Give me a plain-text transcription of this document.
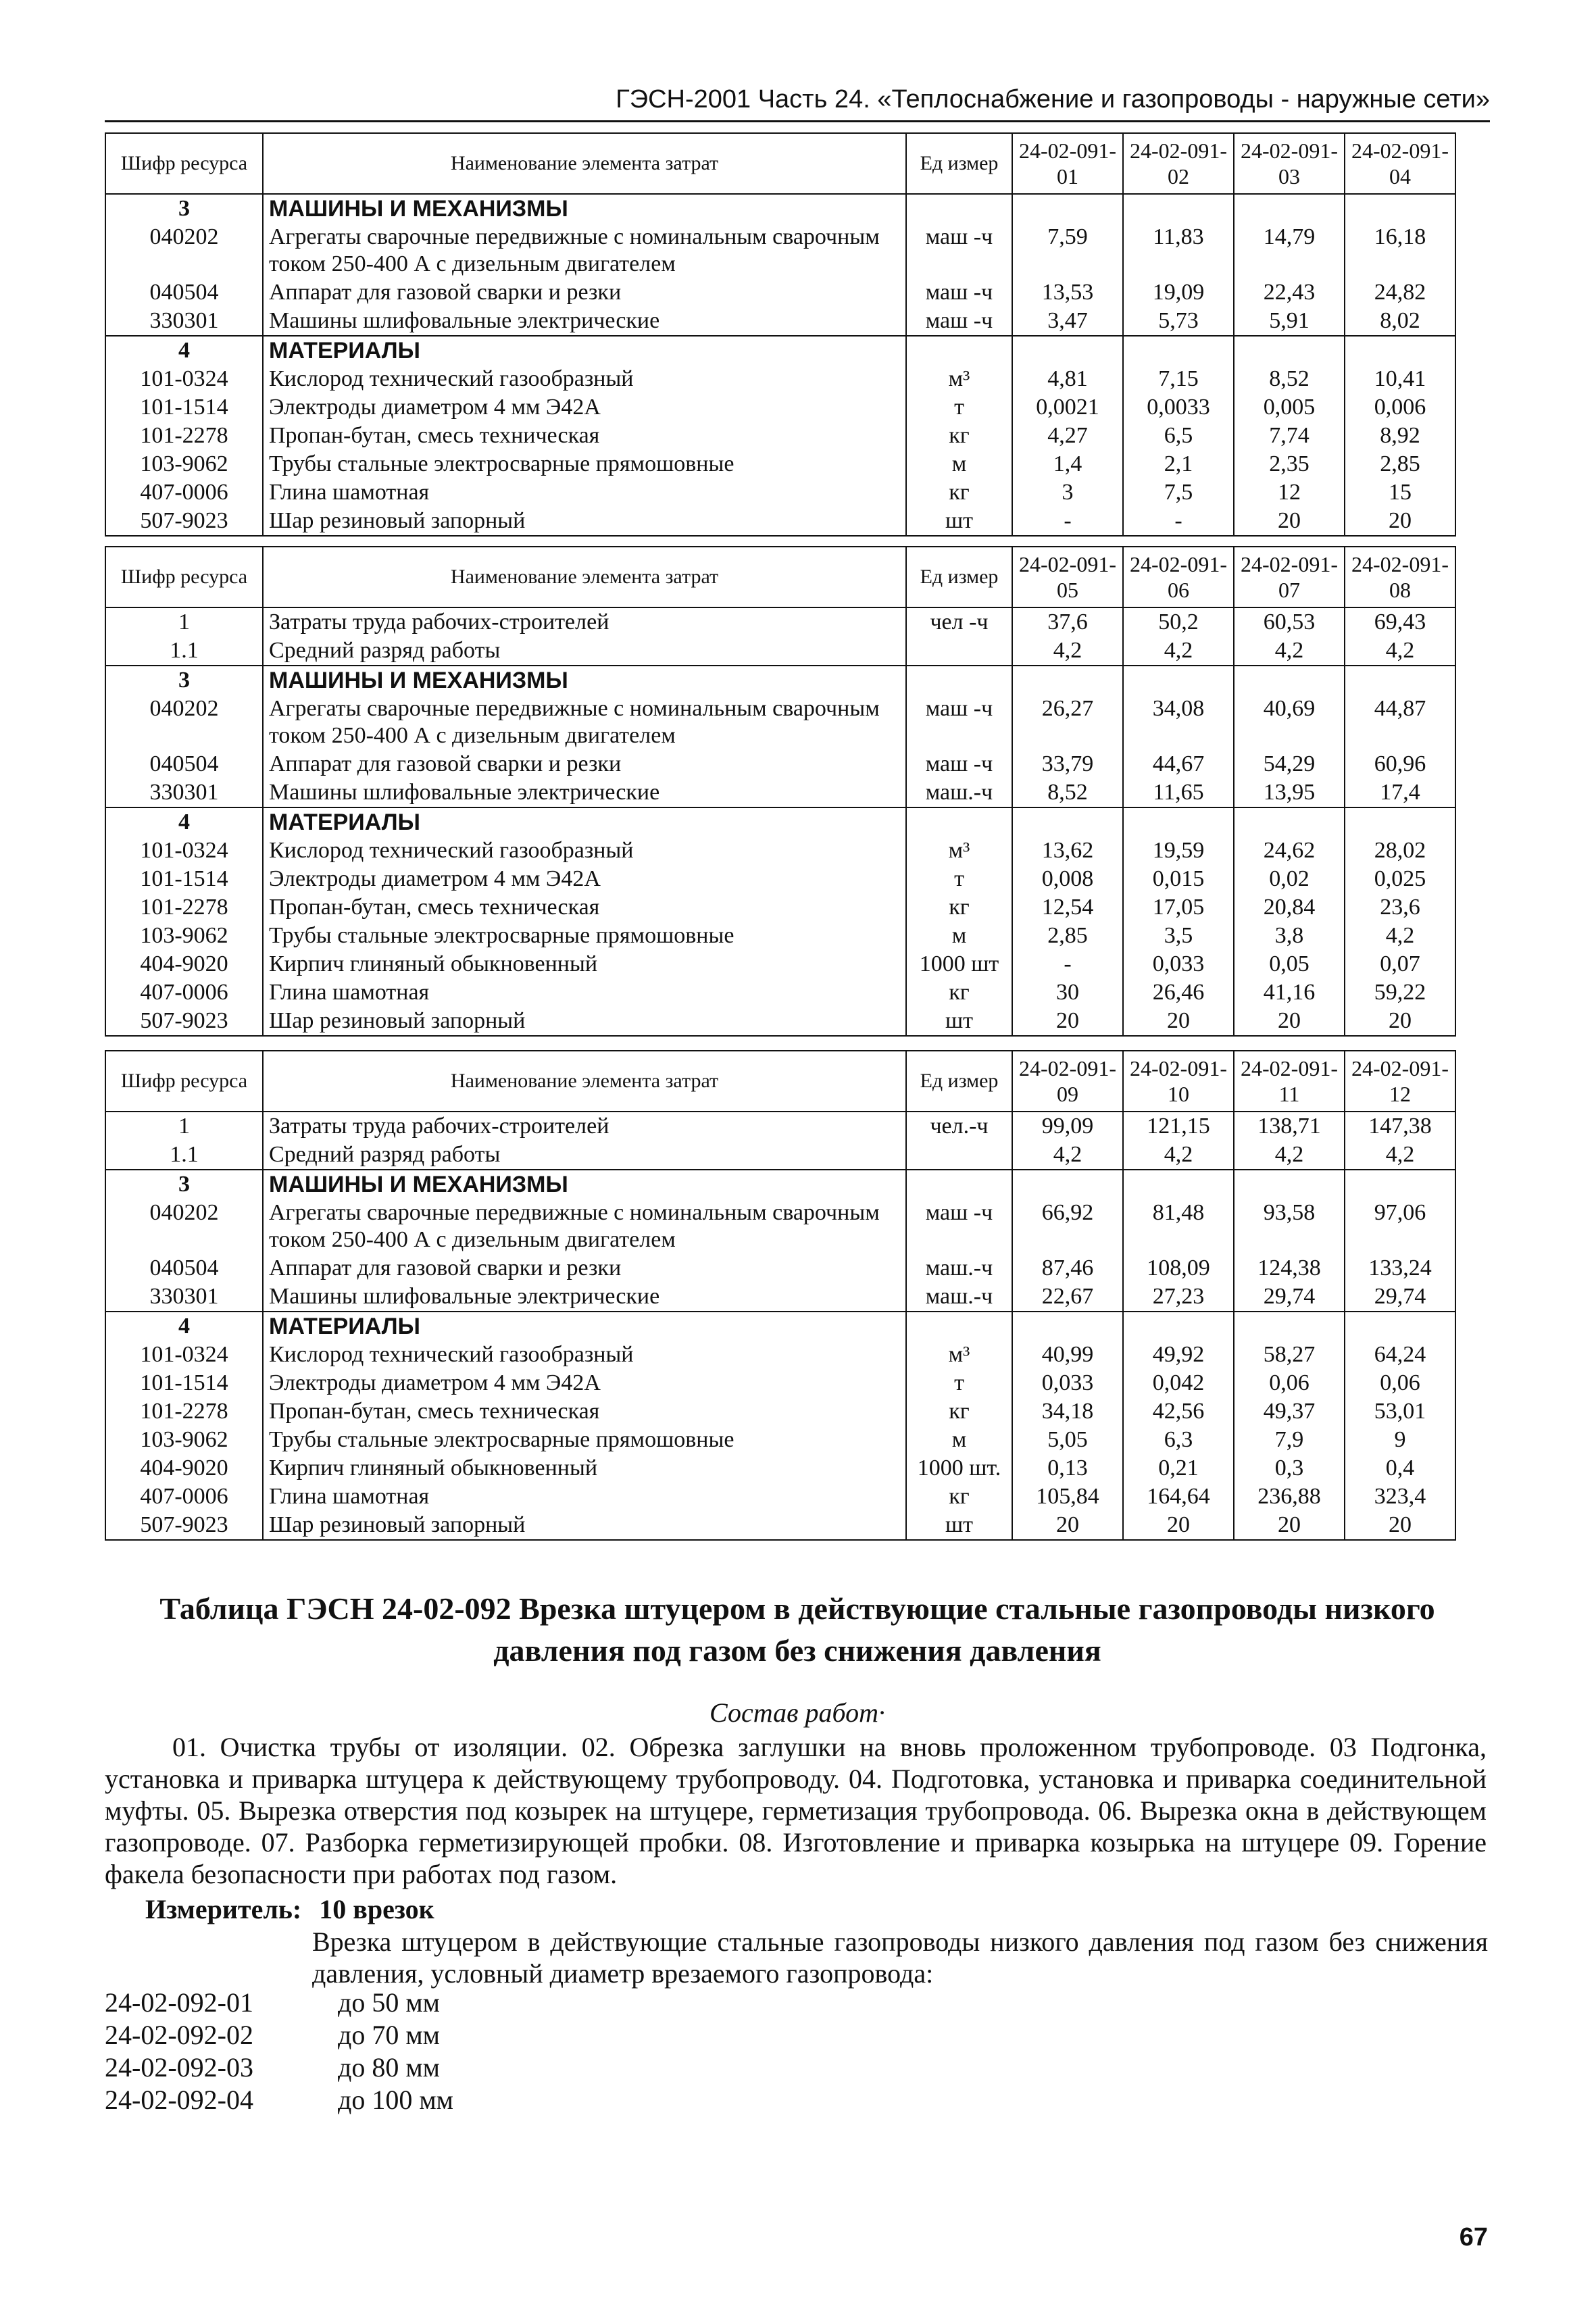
ГЭСН-2001 Часть 24. «Теплоснабжение и газопроводы - наружные сети»
Шифр ресурса	Наименование элемента затрат	Ед измер	24-02-091-01	24-02-091-02	24-02-091-03	24-02-091-04
3	МАШИНЫ И МЕХАНИЗМЫ					
040202	Агрегаты сварочные передвижные с номинальным сварочным током 250-400 А с дизельным двигателем	маш -ч	7,59	11,83	14,79	16,18
040504	Аппарат для газовой сварки и резки	маш -ч	13,53	19,09	22,43	24,82
330301	Машины шлифовальные электрические	маш -ч	3,47	5,73	5,91	8,02
4	МАТЕРИАЛЫ					
101-0324	Кислород технический газообразный	м³	4,81	7,15	8,52	10,41
101-1514	Электроды диаметром 4 мм Э42А	т	0,0021	0,0033	0,005	0,006
101-2278	Пропан-бутан, смесь техническая	кг	4,27	6,5	7,74	8,92
103-9062	Трубы стальные электросварные прямошовные	м	1,4	2,1	2,35	2,85
407-0006	Глина шамотная	кг	3	7,5	12	15
507-9023	Шар резиновый запорный	шт	-	-	20	20
Шифр ресурса	Наименование элемента затрат	Ед измер	24-02-091-05	24-02-091-06	24-02-091-07	24-02-091-08
1	Затраты труда рабочих-строителей	чел -ч	37,6	50,2	60,53	69,43
1.1	Средний разряд работы		4,2	4,2	4,2	4,2
3	МАШИНЫ И МЕХАНИЗМЫ					
040202	Агрегаты сварочные передвижные с номинальным сварочным током 250-400 А с дизельным двигателем	маш -ч	26,27	34,08	40,69	44,87
040504	Аппарат для газовой сварки и резки	маш -ч	33,79	44,67	54,29	60,96
330301	Машины шлифовальные электрические	маш.-ч	8,52	11,65	13,95	17,4
4	МАТЕРИАЛЫ					
101-0324	Кислород технический газообразный	м³	13,62	19,59	24,62	28,02
101-1514	Электроды диаметром 4 мм Э42А	т	0,008	0,015	0,02	0,025
101-2278	Пропан-бутан, смесь техническая	кг	12,54	17,05	20,84	23,6
103-9062	Трубы стальные электросварные прямошовные	м	2,85	3,5	3,8	4,2
404-9020	Кирпич глиняный обыкновенный	1000 шт	-	0,033	0,05	0,07
407-0006	Глина шамотная	кг	30	26,46	41,16	59,22
507-9023	Шар резиновый запорный	шт	20	20	20	20
Шифр ресурса	Наименование элемента затрат	Ед измер	24-02-091-09	24-02-091-10	24-02-091-11	24-02-091-12
1	Затраты труда рабочих-строителей	чел.-ч	99,09	121,15	138,71	147,38
1.1	Средний разряд работы		4,2	4,2	4,2	4,2
3	МАШИНЫ И МЕХАНИЗМЫ					
040202	Агрегаты сварочные передвижные с номинальным сварочным током 250-400 А с дизельным двигателем	маш -ч	66,92	81,48	93,58	97,06
040504	Аппарат для газовой сварки и резки	маш.-ч	87,46	108,09	124,38	133,24
330301	Машины шлифовальные электрические	маш.-ч	22,67	27,23	29,74	29,74
4	МАТЕРИАЛЫ					
101-0324	Кислород технический газообразный	м³	40,99	49,92	58,27	64,24
101-1514	Электроды диаметром 4 мм Э42А	т	0,033	0,042	0,06	0,06
101-2278	Пропан-бутан, смесь техническая	кг	34,18	42,56	49,37	53,01
103-9062	Трубы стальные электросварные прямошовные	м	5,05	6,3	7,9	9
404-9020	Кирпич глиняный обыкновенный	1000 шт.	0,13	0,21	0,3	0,4
407-0006	Глина шамотная	кг	105,84	164,64	236,88	323,4
507-9023	Шар резиновый запорный	шт	20	20	20	20
Таблица ГЭСН 24-02-092 Врезка штуцером в действующие стальные газопроводы низкого давления под газом без снижения давления
Состав работ·
01. Очистка трубы от изоляции. 02. Обрезка заглушки на вновь проложенном трубопроводе. 03 Подгонка, установка и приварка штуцера к действующему трубопроводу. 04. Подготовка, установка и приварка соединительной муфты. 05. Вырезка отверстия под козырек на штуцере, герметизация трубопровода. 06. Вырезка окна в действующем газопроводе. 07. Разборка герметизирующей пробки. 08. Изготовление и приварка козырька на штуцере 09. Горение факела безопасности при работах под газом.
Измеритель: 10 врезок
Врезка штуцером в действующие стальные газопроводы низкого давления под газом без снижения давления, условный диаметр врезаемого газопровода:
24-02-092-01	до 50 мм
24-02-092-02	до 70 мм
24-02-092-03	до 80 мм
24-02-092-04	до 100 мм
67
